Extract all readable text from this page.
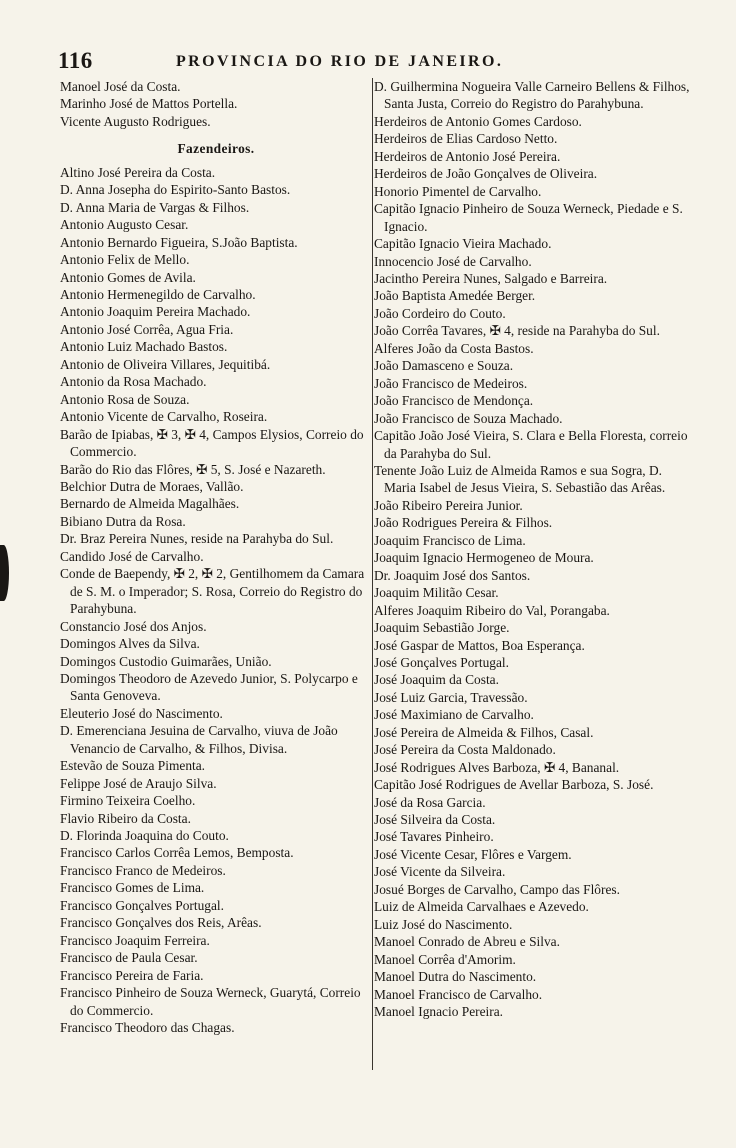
116	PROVINCIA DO RIO DE JANEIRO.

Manoel José da Costa.

Marinho José de Mattos Portella.

Vicente Augusto Rodrigues.

Fazendeiros.

Altino José Pereira da Costa.

D. Anna Josepha do Espirito-Santo Bastos.

D. Anna Maria de Vargas & Filhos.

Antonio Augusto Cesar.

Antonio Bernardo Figueira, S.João Baptista.

Antonio Felix de Mello.

Antonio Gomes de Avila.

Antonio Hermenegildo de Carvalho.

Antonio Joaquim Pereira Machado.

Antonio José Corrêa, Agua Fria.

Antonio Luiz Machado Bastos.

Antonio de Oliveira Villares, Jequitibá.

Antonio da Rosa Machado.

Antonio Rosa de Souza.

Antonio Vicente de Carvalho, Roseira.

Barão de Ipiabas, ✠ 3, ✠ 4, Campos Elysios, Correio do Commercio.

Barão do Rio das Flôres, ✠ 5, S. José e Nazareth.

Belchior Dutra de Moraes, Vallão.

Bernardo de Almeida Magalhães.

Bibiano Dutra da Rosa.

Dr. Braz Pereira Nunes, reside na Parahyba do Sul.

Candido José de Carvalho.

Conde de Baependy, ✠ 2, ✠ 2, Gentilhomem da Camara de S. M. o Imperador; S. Rosa, Correio do Registro do Parahybuna.

Constancio José dos Anjos.

Domingos Alves da Silva.

Domingos Custodio Guimarães, União.

Domingos Theodoro de Azevedo Junior, S. Polycarpo e Santa Genoveva.

Eleuterio José do Nascimento.

D. Emerenciana Jesuina de Carvalho, viuva de João Venancio de Carvalho, & Filhos, Divisa.

Estevão de Souza Pimenta.

Felippe José de Araujo Silva.

Firmino Teixeira Coelho.

Flavio Ribeiro da Costa.

D. Florinda Joaquina do Couto.

Francisco Carlos Corrêa Lemos, Bemposta.

Francisco Franco de Medeiros.

Francisco Gomes de Lima.

Francisco Gonçalves Portugal.

Francisco Gonçalves dos Reis, Arêas.

Francisco Joaquim Ferreira.

Francisco de Paula Cesar.

Francisco Pereira de Faria.

Francisco Pinheiro de Souza Werneck, Guarytá, Correio do Commercio.

Francisco Theodoro das Chagas.

D. Guilhermina Nogueira Valle Carneiro Bellens & Filhos, Santa Justa, Correio do Registro do Parahybuna.

Herdeiros de Antonio Gomes Cardoso.

Herdeiros de Elias Cardoso Netto.

Herdeiros de Antonio José Pereira.

Herdeiros de João Gonçalves de Oliveira.

Honorio Pimentel de Carvalho.

Capitão Ignacio Pinheiro de Souza Werneck, Piedade e S. Ignacio.

Capitão Ignacio Vieira Machado.

Innocencio José de Carvalho.

Jacintho Pereira Nunes, Salgado e Barreira.

João Baptista Amedée Berger.

João Cordeiro do Couto.

João Corrêa Tavares, ✠ 4, reside na Parahyba do Sul.

Alferes João da Costa Bastos.

João Damasceno e Souza.

João Francisco de Medeiros.

João Francisco de Mendonça.

João Francisco de Souza Machado.

Capitão João José Vieira, S. Clara e Bella Floresta, correio da Parahyba do Sul.

Tenente João Luiz de Almeida Ramos e sua Sogra, D. Maria Isabel de Jesus Vieira, S. Sebastião das Arêas.

João Ribeiro Pereira Junior.

João Rodrigues Pereira & Filhos.

Joaquim Francisco de Lima.

Joaquim Ignacio Hermogeneo de Moura.

Dr. Joaquim José dos Santos.

Joaquim Militão Cesar.

Alferes Joaquim Ribeiro do Val, Porangaba.

Joaquim Sebastião Jorge.

José Gaspar de Mattos, Boa Esperança.

José Gonçalves Portugal.

José Joaquim da Costa.

José Luiz Garcia, Travessão.

José Maximiano de Carvalho.

José Pereira de Almeida & Filhos, Casal.

José Pereira da Costa Maldonado.

José Rodrigues Alves Barboza, ✠ 4, Bananal.

Capitão José Rodrigues de Avellar Barboza, S. José.

José da Rosa Garcia.

José Silveira da Costa.

José Tavares Pinheiro.

José Vicente Cesar, Flôres e Vargem.

José Vicente da Silveira.

Josué Borges de Carvalho, Campo das Flôres.

Luiz de Almeida Carvalhaes e Azevedo.

Luiz José do Nascimento.

Manoel Conrado de Abreu e Silva.

Manoel Corrêa d'Amorim.

Manoel Dutra do Nascimento.

Manoel Francisco de Carvalho.

Manoel Ignacio Pereira.
